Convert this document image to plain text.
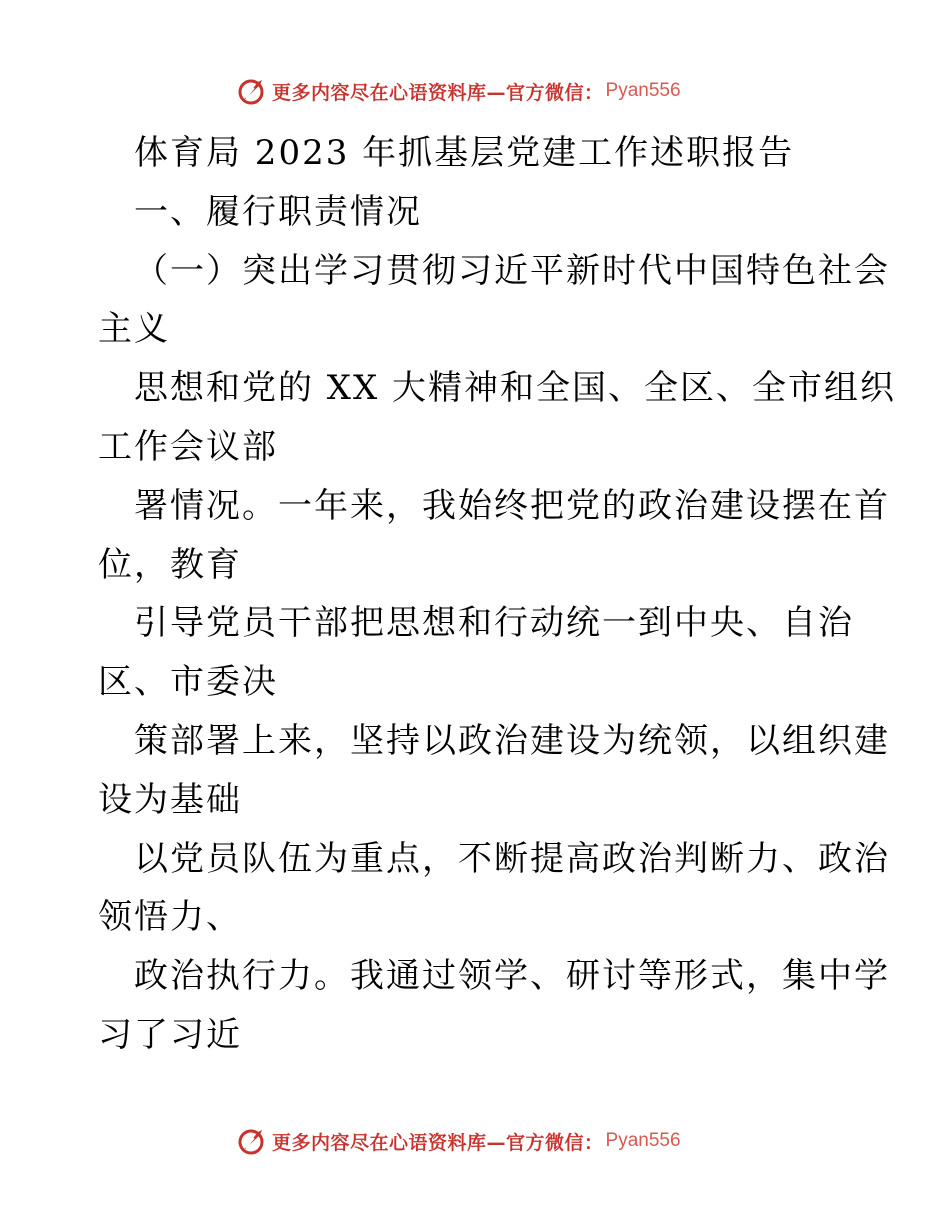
更多内容尽在心语资料库—官方微信： Pyan556
体育局 2023 年抓基层党建工作述职报告
一、履行职责情况
（一）突出学习贯彻习近平新时代中国特色社会
主义
思想和党的 XX 大精神和全国、全区、全市组织
工作会议部
署情况。一年来，我始终把党的政治建设摆在首
位，教育
引导党员干部把思想和行动统一到中央、自治
区、市委决
策部署上来，坚持以政治建设为统领，以组织建
设为基础
以党员队伍为重点，不断提高政治判断力、政治
领悟力、
政治执行力。我通过领学、研讨等形式，集中学
习了习近
更多内容尽在心语资料库—官方微信： Pyan556
